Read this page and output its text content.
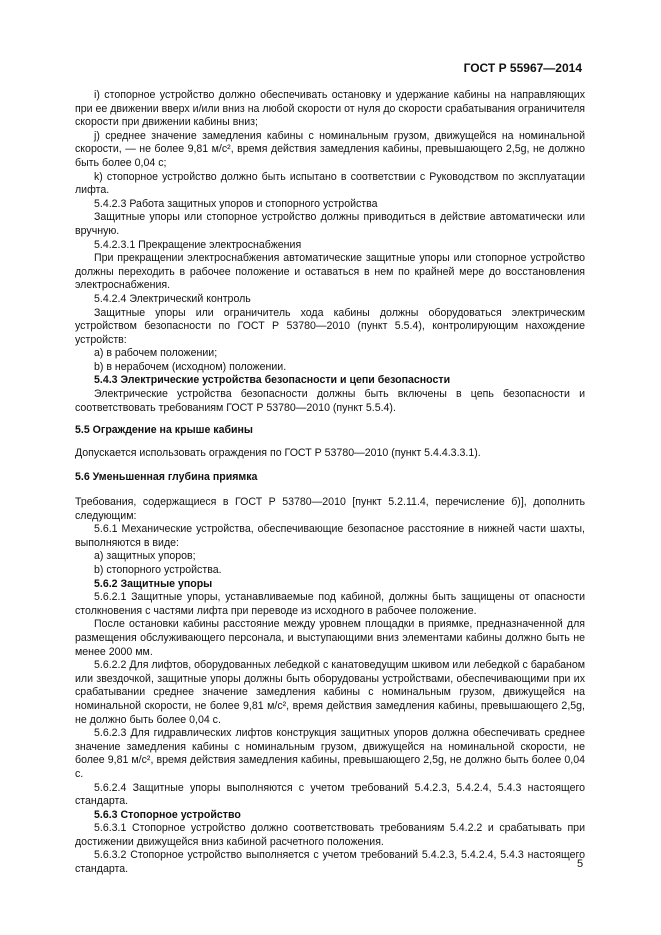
ГОСТ Р 55967—2014

i) стопорное устройство должно обеспечивать остановку и удержание кабины на направляющих при ее движении вверх и/или вниз на любой скорости от нуля до скорости срабатывания ограничителя скорости при движении кабины вниз;

j) среднее значение замедления кабины с номинальным грузом, движущейся на номинальной скорости, — не более 9,81 м/с², время действия замедления кабины, превышающего 2,5g, не должно быть более 0,04 с;

k) стопорное устройство должно быть испытано в соответствии с Руководством по эксплуатации лифта.

5.4.2.3 Работа защитных упоров и стопорного устройства

Защитные упоры или стопорное устройство должны приводиться в действие автоматически или вручную.

5.4.2.3.1 Прекращение электроснабжения

При прекращении электроснабжения автоматические защитные упоры или стопорное устройство должны переходить в рабочее положение и оставаться в нем по крайней мере до восстановления электроснабжения.

5.4.2.4 Электрический контроль

Защитные упоры или ограничитель хода кабины должны оборудоваться электрическим устройством безопасности по ГОСТ Р 53780—2010 (пункт 5.5.4), контролирующим нахождение устройств:

a) в рабочем положении;

b) в нерабочем (исходном) положении.

5.4.3 Электрические устройства безопасности и цепи безопасности

Электрические устройства безопасности должны быть включены в цепь безопасности и соответствовать требованиям ГОСТ Р 53780—2010 (пункт 5.5.4).

5.5 Ограждение на крыше кабины

Допускается использовать ограждения по ГОСТ Р 53780—2010 (пункт 5.4.4.3.3.1).

5.6 Уменьшенная глубина приямка

Требования, содержащиеся в ГОСТ Р 53780—2010 [пункт 5.2.11.4, перечисление б)], дополнить следующим:

5.6.1 Механические устройства, обеспечивающие безопасное расстояние в нижней части шахты, выполняются в виде:

a) защитных упоров;

b) стопорного устройства.

5.6.2 Защитные упоры

5.6.2.1 Защитные упоры, устанавливаемые под кабиной, должны быть защищены от опасности столкновения с частями лифта при переводе из исходного в рабочее положение.

После остановки кабины расстояние между уровнем площадки в приямке, предназначенной для размещения обслуживающего персонала, и выступающими вниз элементами кабины должно быть не менее 2000 мм.

5.6.2.2 Для лифтов, оборудованных лебедкой с канатоведущим шкивом или лебедкой с барабаном или звездочкой, защитные упоры должны быть оборудованы устройствами, обеспечивающими при их срабатывании среднее значение замедления кабины с номинальным грузом, движущейся на номинальной скорости, не более 9,81 м/с², время действия замедления кабины, превышающего 2,5g, не должно быть более 0,04 с.

5.6.2.3 Для гидравлических лифтов конструкция защитных упоров должна обеспечивать среднее значение замедления кабины с номинальным грузом, движущейся на номинальной скорости, не более 9,81 м/с², время действия замедления кабины, превышающего 2,5g, не должно быть более 0,04 с.

5.6.2.4 Защитные упоры выполняются с учетом требований 5.4.2.3, 5.4.2.4, 5.4.3 настоящего стандарта.

5.6.3 Стопорное устройство

5.6.3.1 Стопорное устройство должно соответствовать требованиям 5.4.2.2 и срабатывать при достижении движущейся вниз кабиной расчетного положения.

5.6.3.2 Стопорное устройство выполняется с учетом требований 5.4.2.3, 5.4.2.4, 5.4.3 настоящего стандарта.	5
